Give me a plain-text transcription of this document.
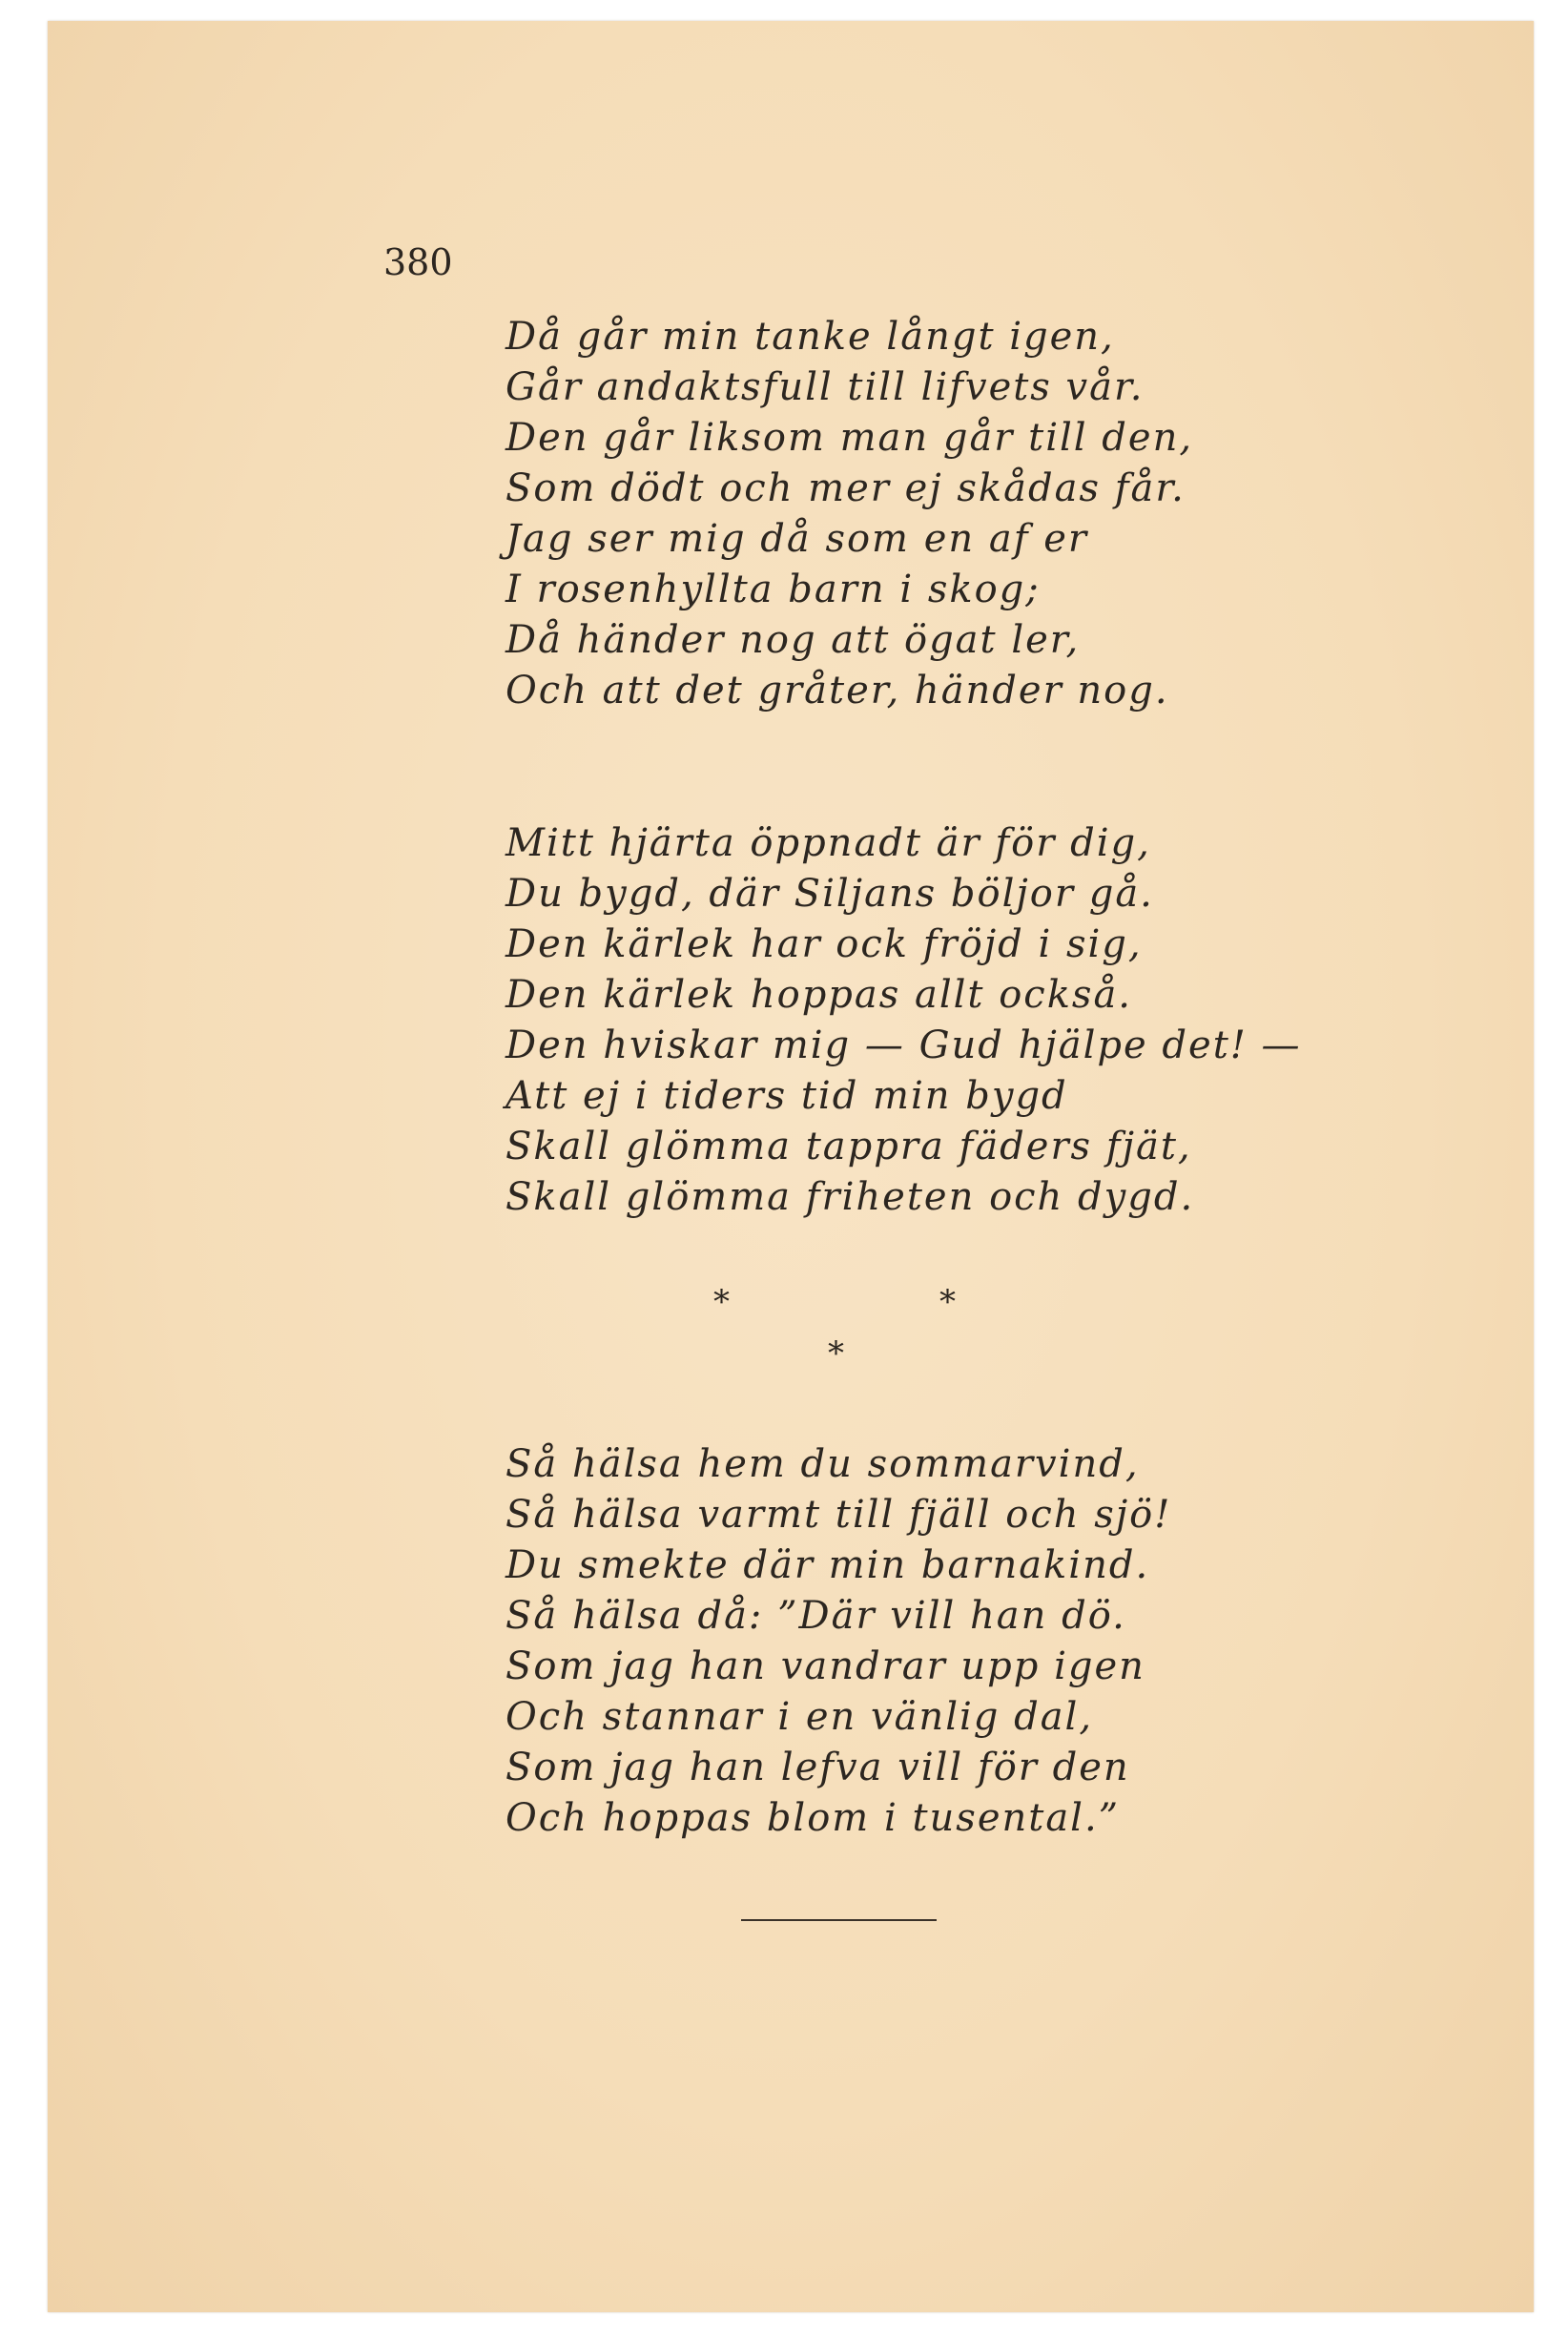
380

Då går min tanke långt igen,
Går andaktsfull till lifvets vår.
Den går liksom man går till den,
Som dödt och mer ej skådas får.
Jag ser mig då som en af er
I rosenhyllta barn i skog;
Då händer nog att ögat ler,
Och att det gråter, händer nog.
Mitt hjärta öppnadt är för dig,
Du bygd, där Siljans böljor gå.
Den kärlek har ock fröjd i sig,
Den kärlek hoppas allt också.
Den hviskar mig — Gud hjälpe det! —
Att ej i tiders tid min bygd
Skall glömma tappra fäders fjät,
Skall glömma friheten och dygd.
*	*
*
Så hälsa hem du sommarvind,
Så hälsa varmt till fjäll och sjö!
Du smekte där min barnakind.
Så hälsa då: ”Där vill han dö.
Som jag han vandrar upp igen
Och stannar i en vänlig dal,
Som jag han lefva vill för den
Och hoppas blom i tusental.”
